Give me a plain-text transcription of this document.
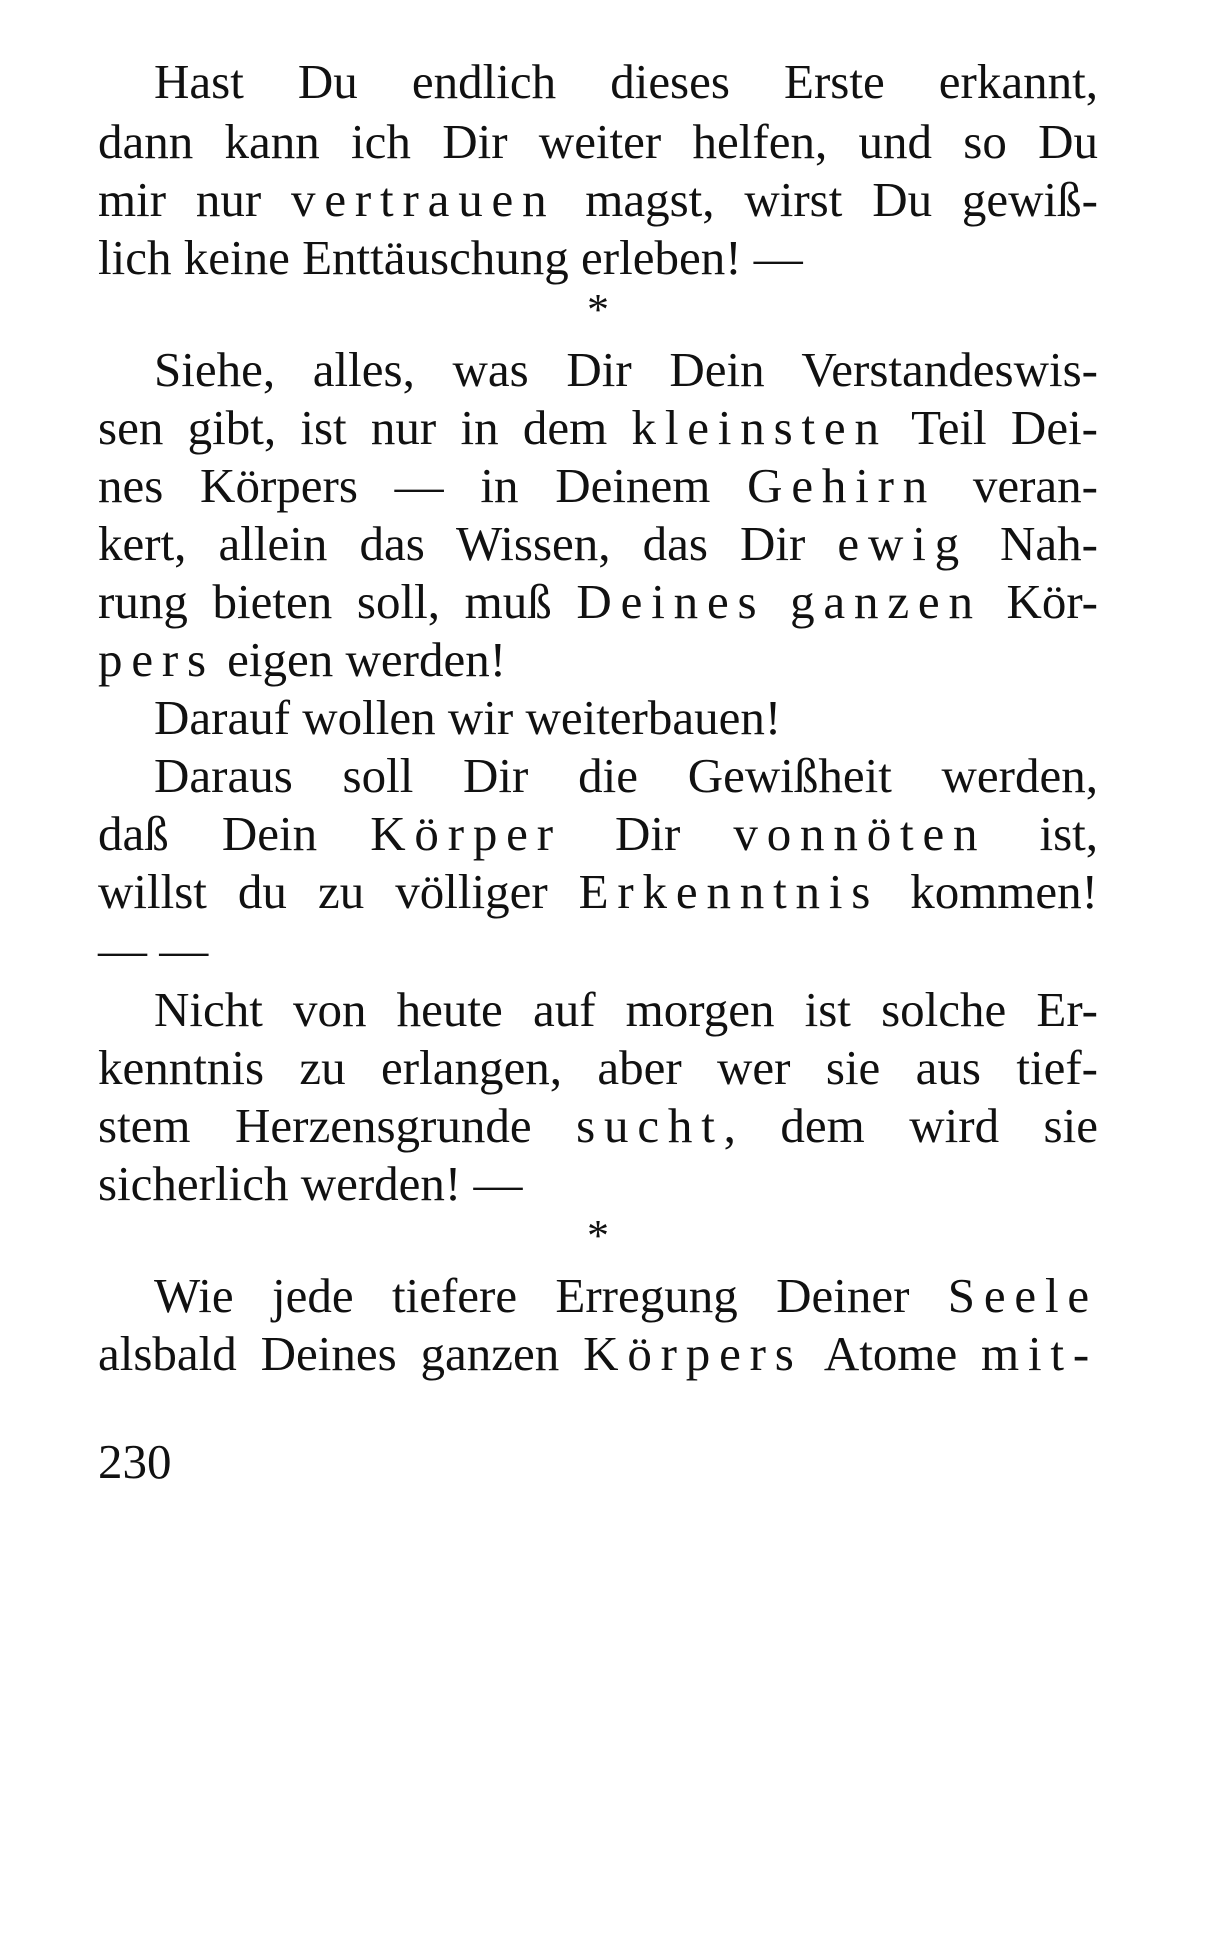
Hast Du endlich dieses Erste erkannt,
dann kann ich Dir weiter helfen, und so Du
mir nur vertrauen magst, wirst Du gewiß-
lich keine Enttäuschung erleben! —
*
Siehe, alles, was Dir Dein Verstandeswis-
sen gibt, ist nur in dem kleinsten Teil Dei-
nes Körpers — in Deinem Gehirn veran-
kert, allein das Wissen, das Dir ewig Nah-
rung bieten soll, muß Deines ganzen Kör-
pers eigen werden!
Darauf wollen wir weiterbauen!
Daraus soll Dir die Gewißheit werden,
daß Dein Körper Dir vonnöten ist,
willst du zu völliger Erkenntnis kommen!
— —
Nicht von heute auf morgen ist solche Er-
kenntnis zu erlangen, aber wer sie aus tief-
stem Herzensgrunde sucht, dem wird sie
sicherlich werden! —
*
Wie jede tiefere Erregung Deiner Seele
alsbald Deines ganzen Körpers Atome mit-
230
